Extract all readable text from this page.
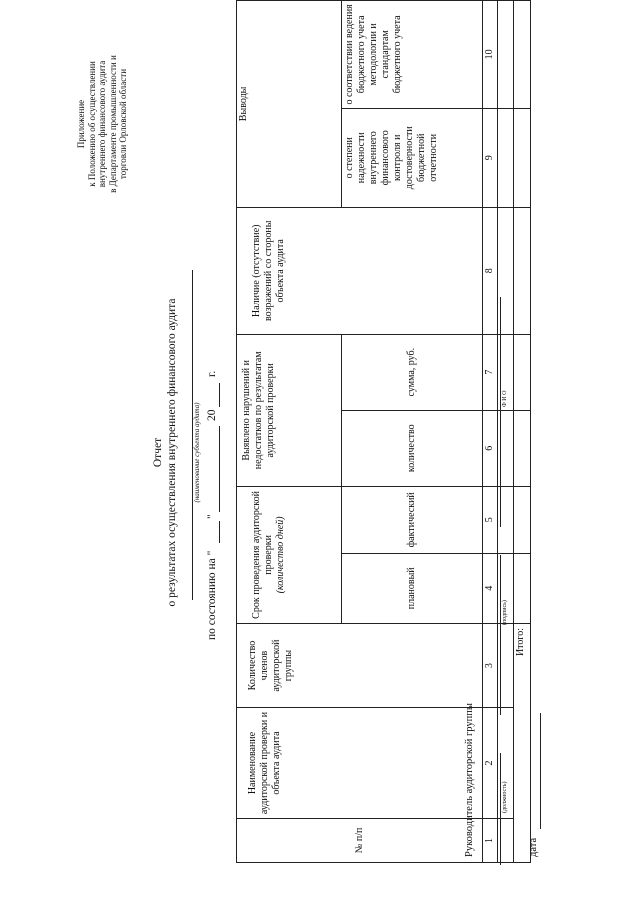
Приложение к Положению об осуществлении внутреннего финансового аудита в Департаменте промышленности и торговли Орловской области
Отчет о результатах осуществления внутреннего финансового аудита (наименование субъекта аудита)
по состоянию на "
"
20
г.
№ п/п	Наименование аудиторской проверки и объекта аудита	Количество членов аудиторской группы	Срок проведения аудиторской проверки (количество дней)		Выявлено нарушений и недостатков по результатам аудиторской проверки		Наличие (отсутствие) возражений со стороны объекта аудита	Выводы	
			плановый	фактический	количество	сумма, руб.		о степени надежности внутреннего финансового контроля и достоверности бюджетной отчетности	о соответствии ведения бюджетного учета методологии и стандартам бюджетного учета
1	2	3	4	5	6	7	8	9	10

Итого:									
Руководитель аудиторской группы	(должность)
(подпись)
Ф И О
дата
